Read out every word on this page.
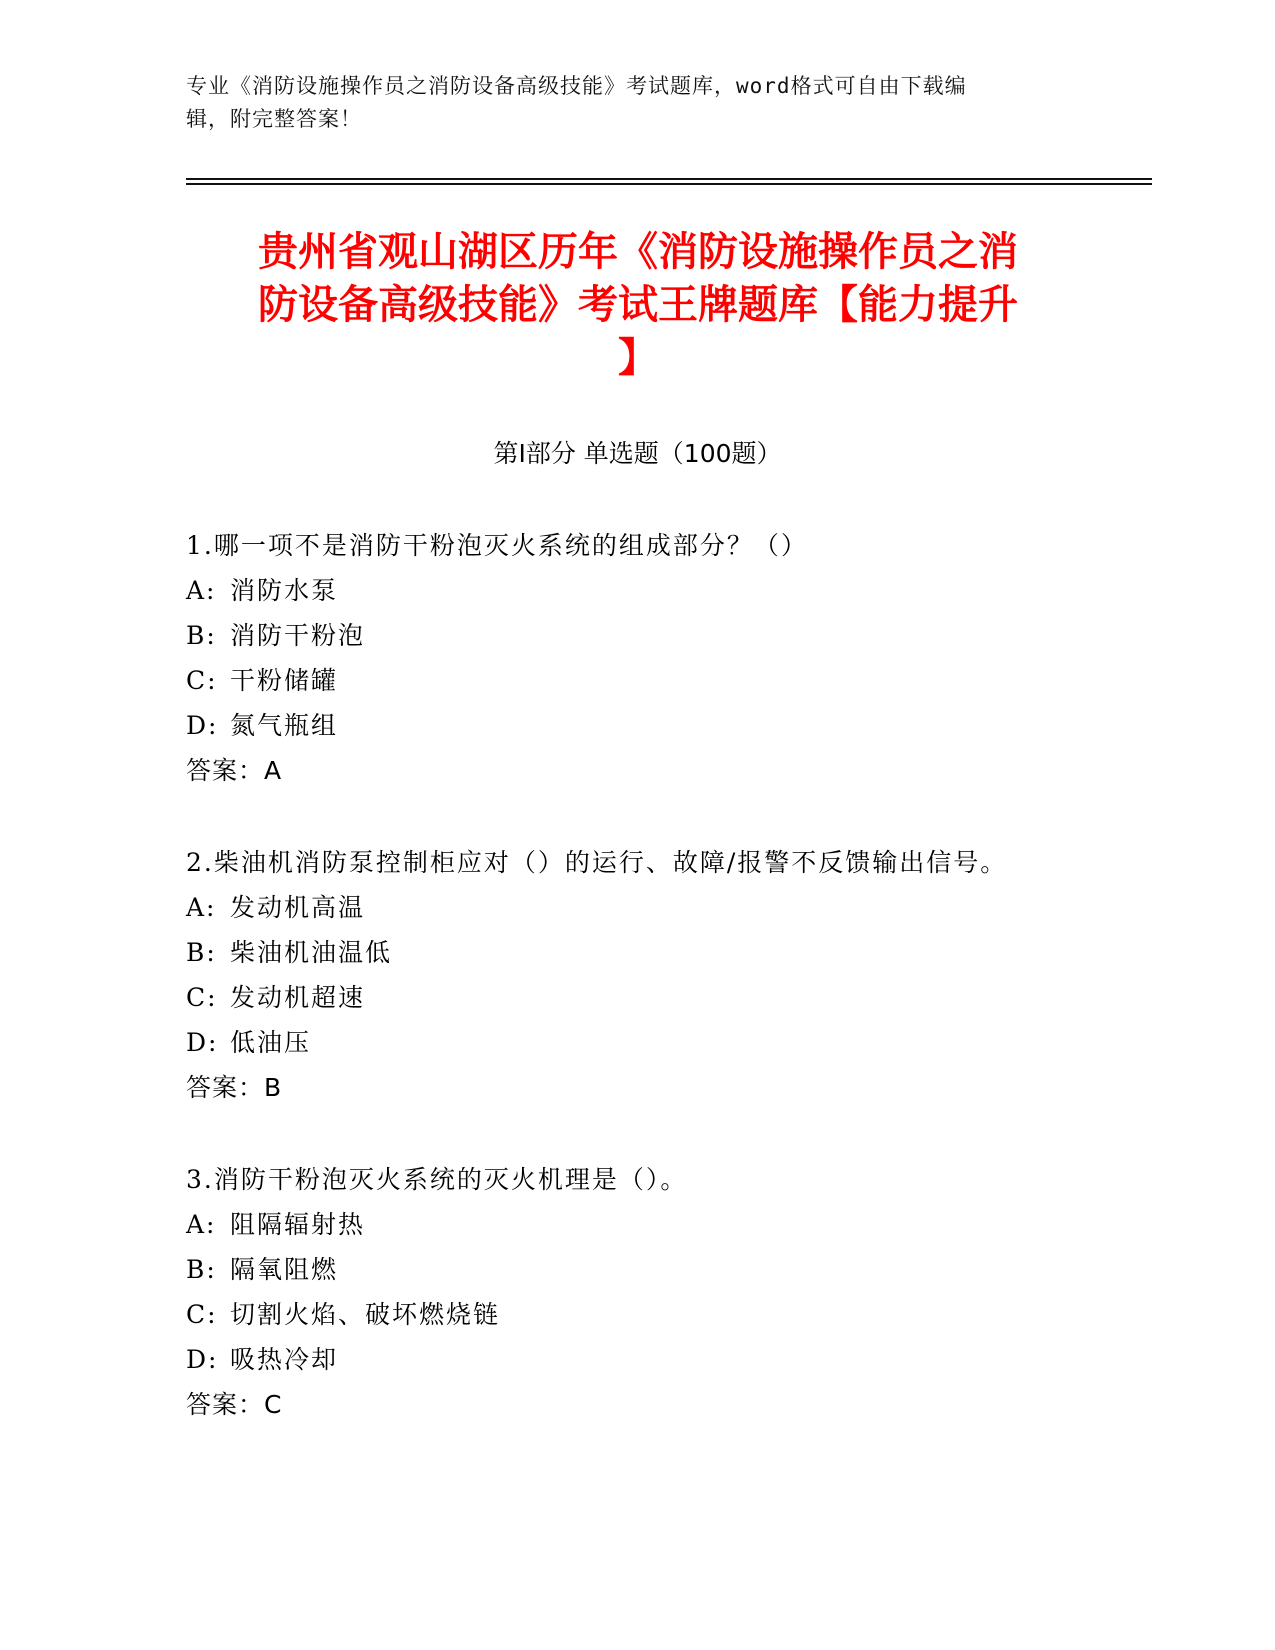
专业《消防设施操作员之消防设备高级技能》考试题库，word格式可自由下载编
辑，附完整答案！
贵州省观山湖区历年《消防设施操作员之消
防设备高级技能》考试王牌题库【能力提升
】
第Ⅰ部分 单选题（100题）
1.哪一项不是消防干粉泡灭火系统的组成部分？（）
A: 消防水泵
B: 消防干粉泡
C: 干粉储罐
D: 氮气瓶组
答案：A
2.柴油机消防泵控制柜应对（）的运行、故障/报警不反馈输出信号。
A: 发动机高温
B: 柴油机油温低
C: 发动机超速
D: 低油压
答案：B
3.消防干粉泡灭火系统的灭火机理是（）。
A: 阻隔辐射热
B: 隔氧阻燃
C: 切割火焰、破坏燃烧链
D: 吸热冷却
答案：C
